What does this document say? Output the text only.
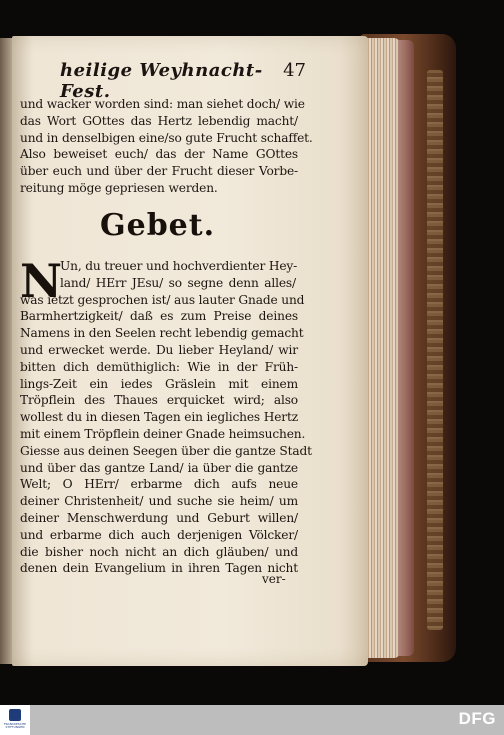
heilige Weyhnacht-Fest.
47
und wacker worden sind: man siehet doch/ wie
das Wort GOttes das Hertz lebendig macht/
und in denselbigen eine/so gute Frucht schaffet.
Also beweiset euch/ das der Name GOttes
über euch und über der Frucht dieser Vorbe-
reitung möge gepriesen werden.
Gebet.
N
Un, du treuer und hochverdienter Hey-
land/ HErr JEsu/ so segne denn alles/
was ietzt gesprochen ist/ aus lauter Gnade und
Barmhertzigkeit/ daß es zum Preise deines
Namens in den Seelen recht lebendig gemacht
und erwecket werde. Du lieber Heyland/ wir
bitten dich demüthiglich: Wie in der Früh-
lings-Zeit ein iedes Gräslein mit einem
Tröpflein des Thaues erquicket wird; also
wollest du in diesen Tagen ein iegliches Hertz
mit einem Tröpflein deiner Gnade heimsuchen.
Giesse aus deinen Seegen über die gantze Stadt
und über das gantze Land/ ia über die gantze
Welt; O HErr/ erbarme dich aufs neue
deiner Christenheit/ und suche sie heim/ um
deiner Menschwerdung und Geburt willen/
und erbarme dich auch derjenigen Völcker/
die bisher noch nicht an dich gläuben/ und
denen dein Evangelium in ihren Tagen nicht
ver-
FRANCKESCHE STIFTUNGEN	DFG
